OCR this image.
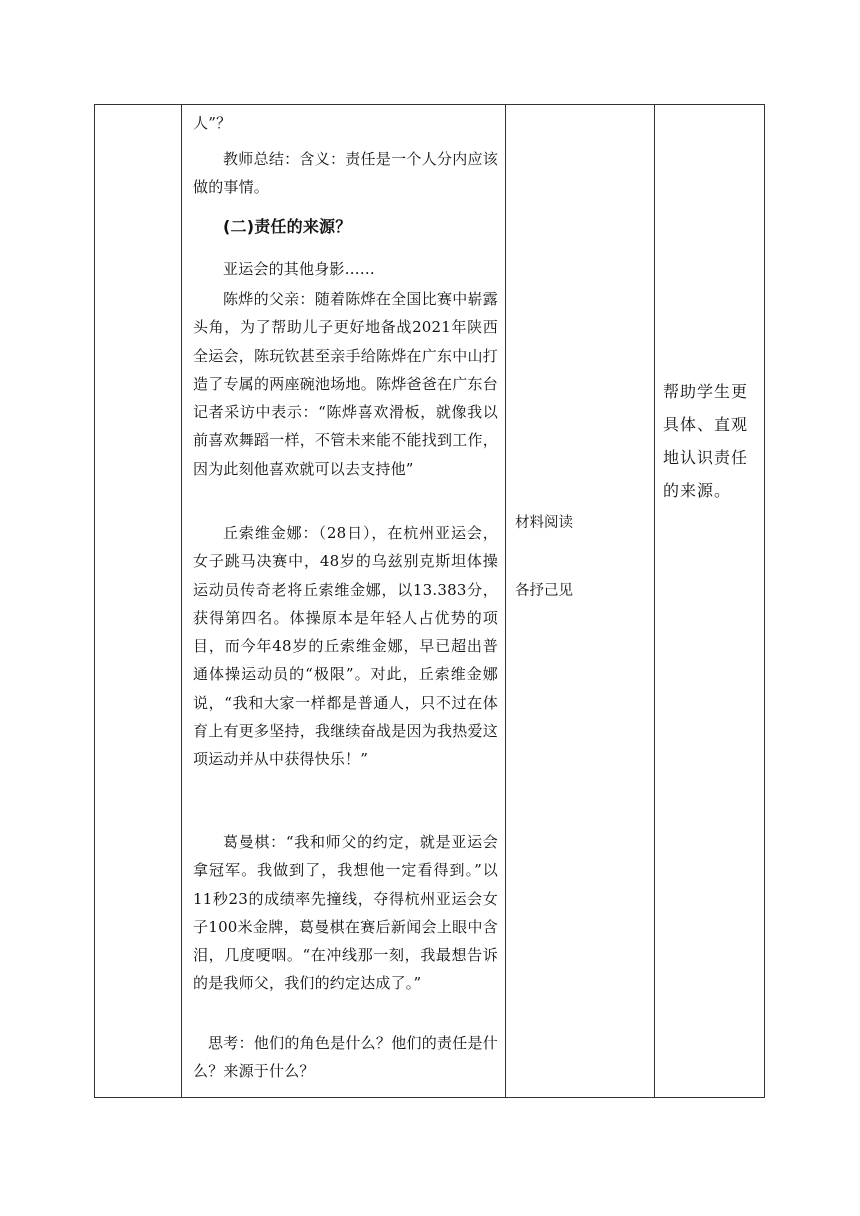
人”？

教师总结：含义：责任是一个人分内应该做的事情。

(二)责任的来源？

亚运会的其他身影……

陈烨的父亲：随着陈烨在全国比赛中崭露头角，为了帮助儿子更好地备战2021年陕西全运会，陈玩钦甚至亲手给陈烨在广东中山打造了专属的两座碗池场地。陈烨爸爸在广东台记者采访中表示：“陈烨喜欢滑板，就像我以前喜欢舞蹈一样，不管未来能不能找到工作，因为此刻他喜欢就可以去支持他”

丘索维金娜：（28日），在杭州亚运会，女子跳马决赛中，48岁的乌兹别克斯坦体操运动员传奇老将丘索维金娜，以13.383分，获得第四名。体操原本是年轻人占优势的项目，而今年48岁的丘索维金娜，早已超出普通体操运动员的“极限”。对此，丘索维金娜说，“我和大家一样都是普通人，只不过在体育上有更多坚持，我继续奋战是因为我热爱这项运动并从中获得快乐！”

葛曼棋：“我和师父的约定，就是亚运会拿冠军。我做到了，我想他一定看得到。”以11秒23的成绩率先撞线，夺得杭州亚运会女子100米金牌，葛曼棋在赛后新闻会上眼中含泪，几度哽咽。“在冲线那一刻，我最想告诉的是我师父，我们的约定达成了。”

思考：他们的角色是什么？他们的责任是什么？来源于什么？

材料阅读
各抒己见
帮助学生更具体、直观地认识责任的来源。
